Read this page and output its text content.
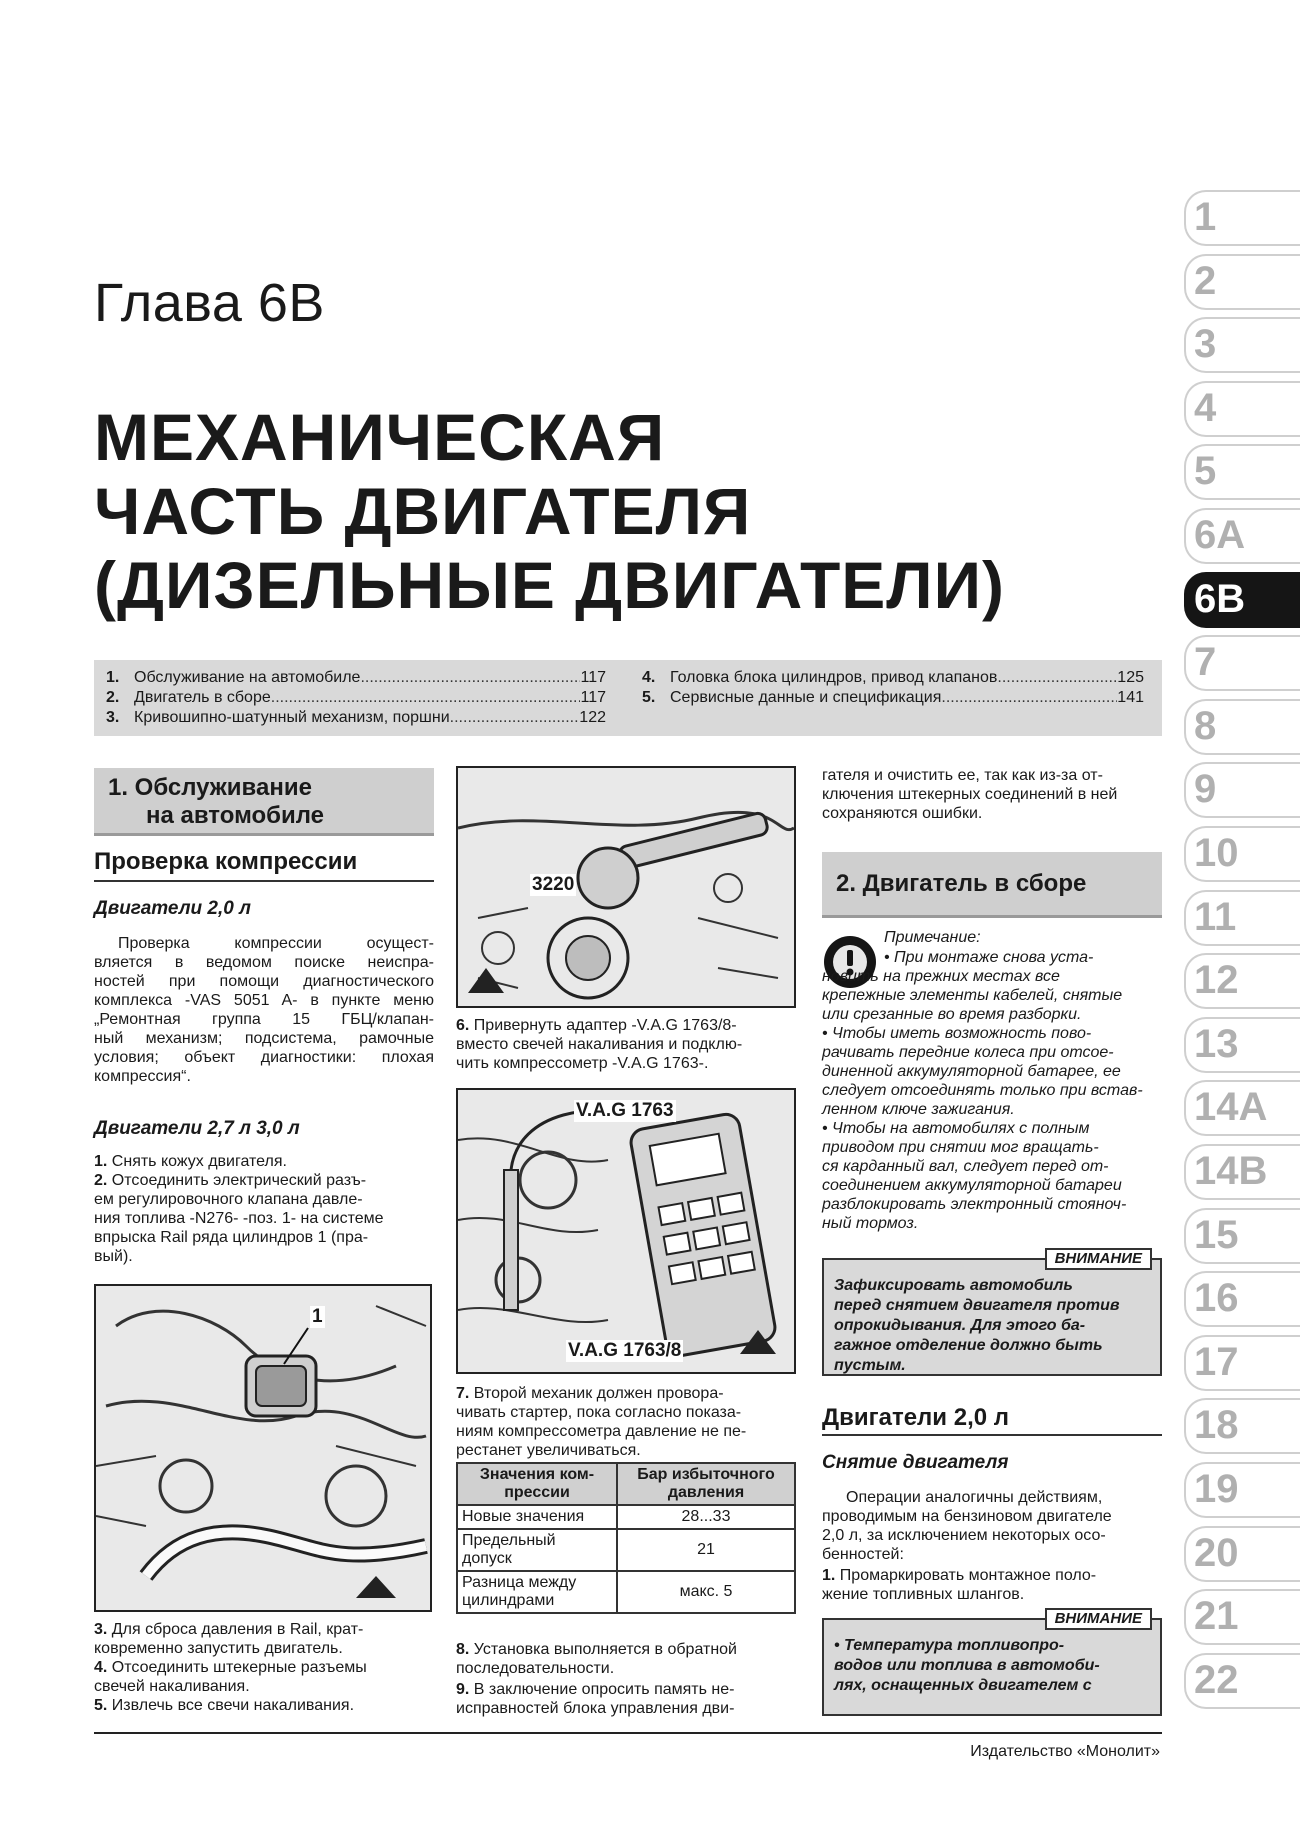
Глава 6В
МЕХАНИЧЕСКАЯ
ЧАСТЬ ДВИГАТЕЛЯ
(ДИЗЕЛЬНЫЕ ДВИГАТЕЛИ)
1. Обслуживание на автомобиле .....	117
2. Двигатель в сборе .....	117
3. Кривошипно-шатунный механизм, поршни .....	122
4. Головка блока цилиндров, привод клапанов .....	125
5. Сервисные данные и спецификация .....	141
1
2
3
4
5
6А
6В
7
8
9
10
11
12
13
14А
14В
15
16
17
18
19
20
21
22
1. Обслуживание
на автомобиле
Проверка компрессии
Двигатели 2,0 л
Проверка компрессии осущест-
вляется в ведомом поиске неиспра-
ностей при помощи диагностического
комплекса -VAS 5051 A- в пункте меню
„Ремонтная группа 15 ГБЦ/клапан-
ный механизм; подсистема, рамочные
условия; объект диагностики: плохая
компрессия“.
Двигатели 2,7 л 3,0 л
1. Снять кожух двигателя.
2. Отсоединить электрический разъ-
ем регулировочного клапана давле-
ния топлива -N276- -поз. 1- на системе
впрыска Rail ряда цилиндров 1 (пра-
вый).
1
3. Для сброса давления в Rail, крат-
ковременно запустить двигатель.
4. Отсоединить штекерные разъемы
свечей накаливания.
5. Извлечь все свечи накаливания.
3220
6. Привернуть адаптер -V.A.G 1763/8-
вместо свечей накаливания и подклю-
чить компрессометр -V.A.G 1763-.
V.A.G 1763
V.A.G 1763/8
7. Второй механик должен провора-
чивать стартер, пока согласно показа-
ниям компрессометра давление не пе-
рестанет увеличиваться.
Значения ком-
прессии	Бар избыточного
давления
Новые значения	28...33
Предельный
допуск	21
Разница между
цилиндрами	макс. 5
8. Установка выполняется в обратной
последовательности.
9. В заключение опросить память не-
исправностей блока управления дви-
гателя и очистить ее, так как из-за от-
ключения штекерных соединений в ней
сохраняются ошибки.
2. Двигатель в сборе
Примечание:
• При монтаже снова уста-
новить на прежних местах все
крепежные элементы кабелей, снятые
или срезанные во время разборки.
• Чтобы иметь возможность пово-
рачивать передние колеса при отсое-
диненной аккумуляторной батарее, ее
следует отсоединять только при встав-
ленном ключе зажигания.
• Чтобы на автомобилях с полным
приводом при снятии мог вращать-
ся карданный вал, следует перед от-
соединением аккумуляторной батареи
разблокировать электронный стояноч-
ный тормоз.
ВНИМАНИЕ
Зафиксировать автомобиль
перед снятием двигателя против
опрокидывания. Для этого ба-
гажное отделение должно быть
пустым.
Двигатели 2,0 л
Снятие двигателя
Операции аналогичны действиям,
проводимым на бензиновом двигателе
2,0 л, за исключением некоторых осо-
бенностей:
1. Промаркировать монтажное поло-
жение топливных шлангов.
ВНИМАНИЕ
• Температура топливопро-
водов или топлива в автомоби-
лях, оснащенных двигателем с
Издательство «Монолит»
